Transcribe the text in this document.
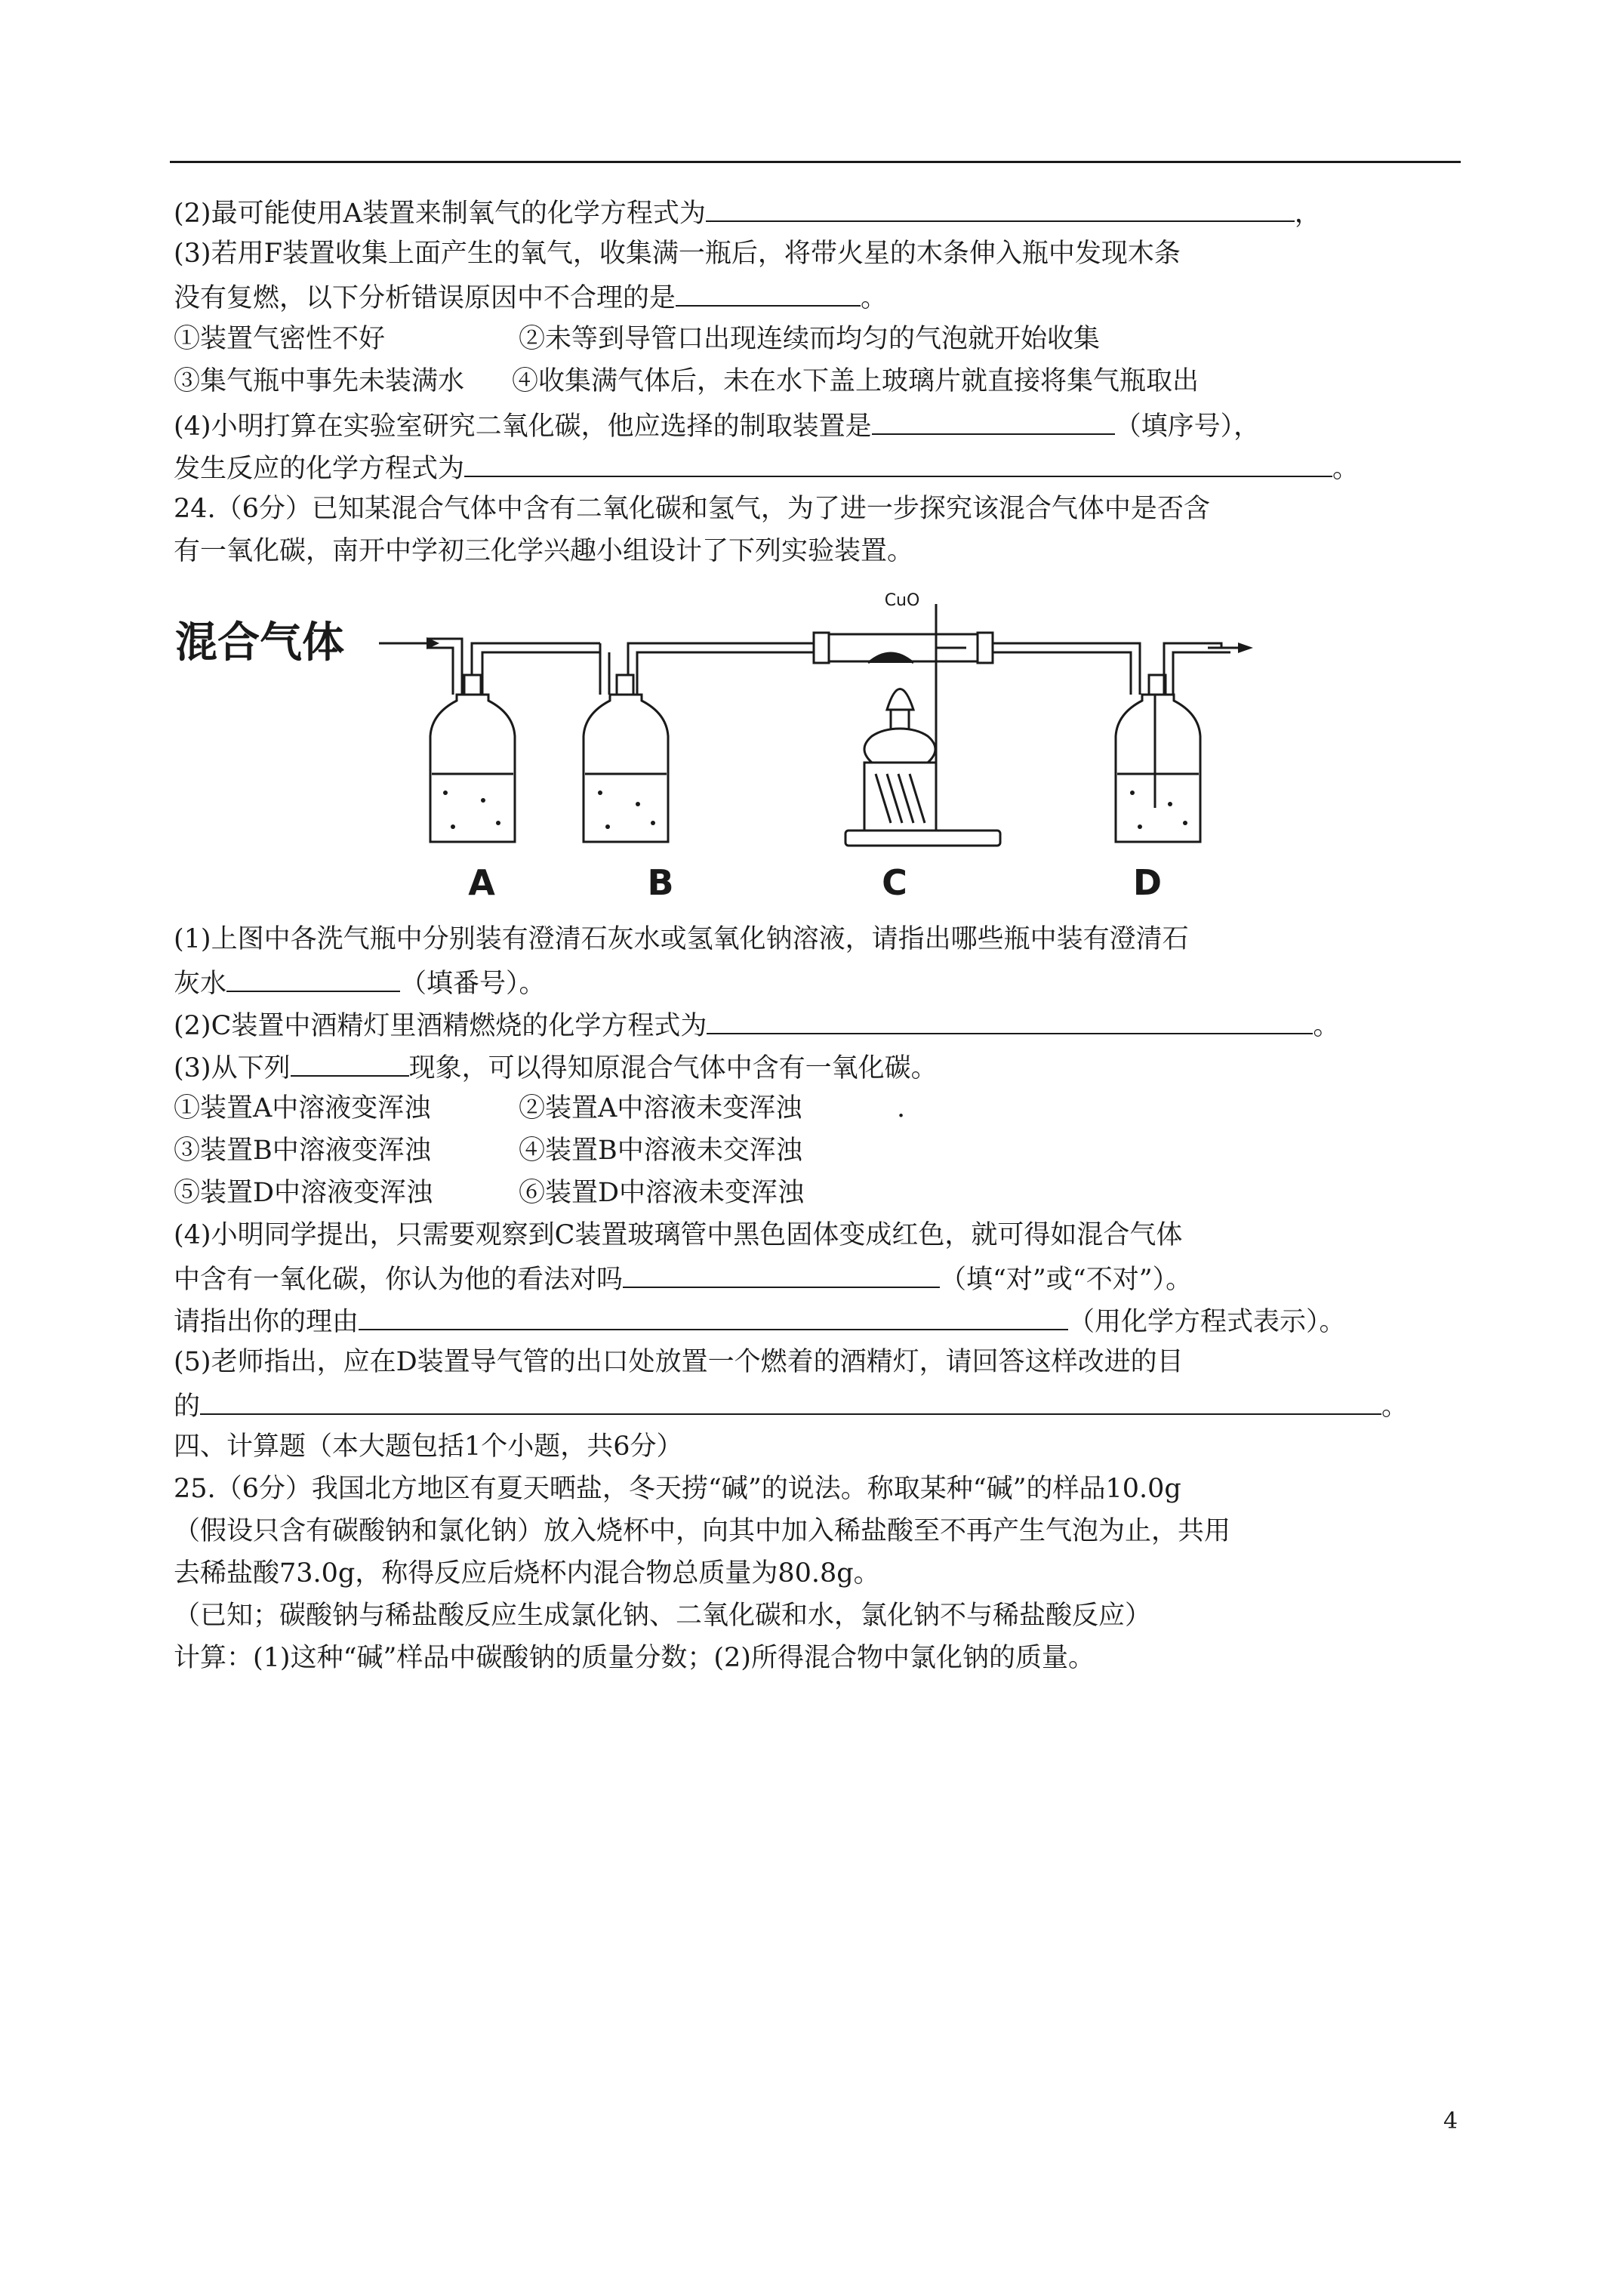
(2)最可能使用A装置来制氧气的化学方程式为	，
(3)若用F装置收集上面产生的氧气，收集满一瓶后，将带火星的木条伸入瓶中发现木条
没有复燃，以下分析错误原因中不合理的是	。
①装置气密性不好	②未等到导管口出现连续而均匀的气泡就开始收集
③集气瓶中事先未装满水 ④收集满气体后，未在水下盖上玻璃片就直接将集气瓶取出
(4)小明打算在实验室研究二氧化碳，他应选择的制取装置是	（填序号），
发生反应的化学方程式为	。
24.（6分）已知某混合气体中含有二氧化碳和氢气，为了进一步探究该混合气体中是否含
有一氧化碳，南开中学初三化学兴趣小组设计了下列实验装置。
混合气体
CuO
A	B	C	D
(1)上图中各洗气瓶中分别装有澄清石灰水或氢氧化钠溶液，请指出哪些瓶中装有澄清石
灰水	（填番号）。
(2)C装置中酒精灯里酒精燃烧的化学方程式为	。
(3)从下列	现象，可以得知原混合气体中含有一氧化碳。
①装置A中溶液变浑浊	②装置A中溶液未变浑浊	.
③装置B中溶液变浑浊	④装置B中溶液未交浑浊
⑤装置D中溶液变浑浊	⑥装置D中溶液未变浑浊
(4)小明同学提出，只需要观察到C装置玻璃管中黑色固体变成红色，就可得如混合气体
中含有一氧化碳，你认为他的看法对吗	（填“对”或“不对”）。
请指出你的理由	（用化学方程式表示）。
(5)老师指出，应在D装置导气管的出口处放置一个燃着的酒精灯，请回答这样改进的目
的	。
四、计算题（本大题包括1个小题，共6分）
25.（6分）我国北方地区有夏天晒盐，冬天捞“碱”的说法。称取某种“碱”的样品10.0g
（假设只含有碳酸钠和氯化钠）放入烧杯中，向其中加入稀盐酸至不再产生气泡为止，共用
去稀盐酸73.0g，称得反应后烧杯内混合物总质量为80.8g。
（已知；碳酸钠与稀盐酸反应生成氯化钠、二氧化碳和水，氯化钠不与稀盐酸反应）
计算：(1)这种“碱”样品中碳酸钠的质量分数；(2)所得混合物中氯化钠的质量。
4
